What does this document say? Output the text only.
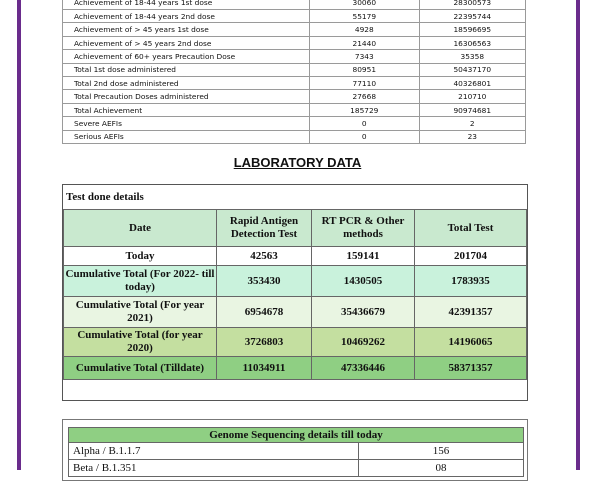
Achievement of 18-44 years 1st dose	30060	28300573
Achievement of 18-44 years 2nd dose	55179	22395744
Achievement of > 45 years 1st dose	4928	18596695
Achievement of > 45 years 2nd dose	21440	16306563
Achievement of 60+ years Precaution Dose	7343	35358
Total 1st dose administered	80951	50437170
Total 2nd dose administered	77110	40326801
Total Precaution Doses administered	27668	210710
Total Achievement	185729	90974681
Severe AEFIs	0	2
Serious AEFIs	0	23
LABORATORY DATA
Test done details
Date	Rapid Antigen Detection Test	RT PCR & Other methods	Total Test
Today	42563	159141	201704
Cumulative Total (For 2022- till today)	353430	1430505	1783935
Cumulative Total (For year 2021)	6954678	35436679	42391357
Cumulative Total (for year 2020)	3726803	10469262	14196065
Cumulative Total (Tilldate)	11034911	47336446	58371357
Genome Sequencing details till today	
Alpha / B.1.1.7	156
Beta / B.1.351	08
